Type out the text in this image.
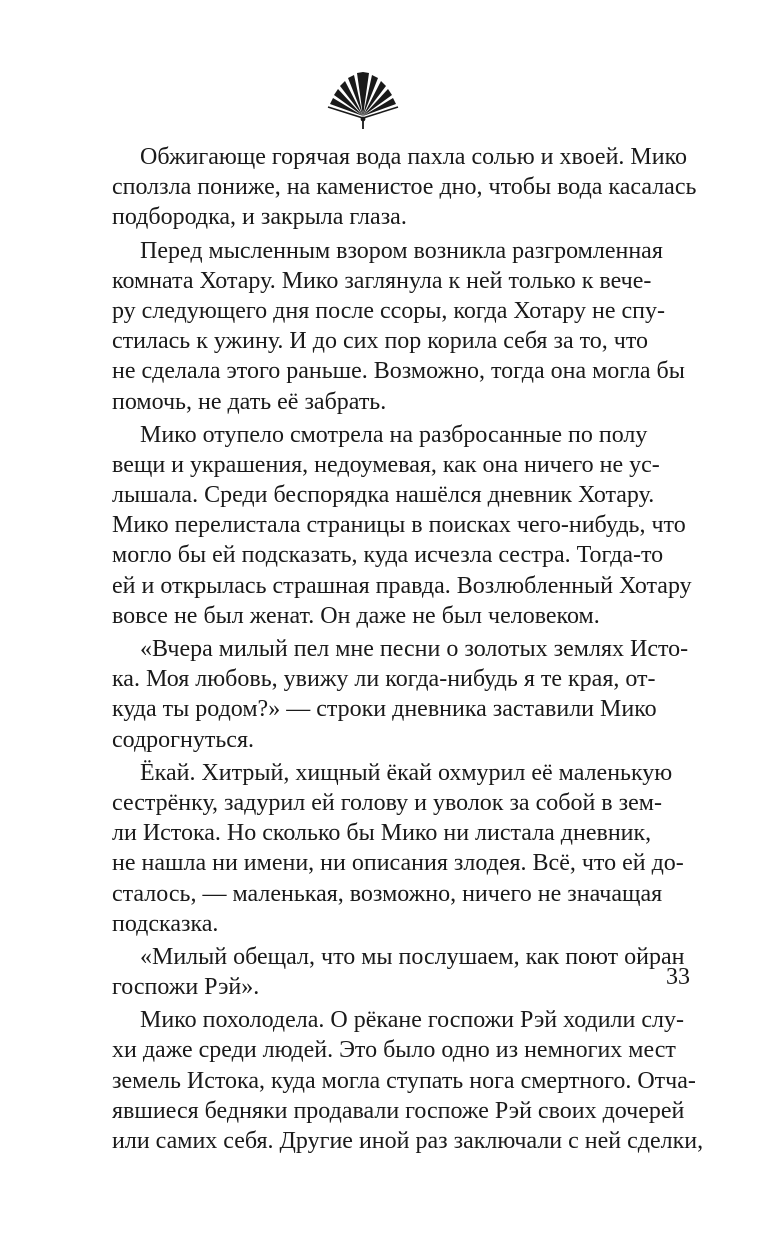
Обжигающе горячая вода пахла солью и хвоей. Мико
сползла пониже, на каменистое дно, чтобы вода касалась
подбородка, и закрыла глаза.
Перед мысленным взором возникла разгромленная
комната Хотару. Мико заглянула к ней только к вече-
ру следующего дня после ссоры, когда Хотару не спу-
стилась к ужину. И до сих пор корила себя за то, что
не сделала этого раньше. Возможно, тогда она могла бы
помочь, не дать её забрать.
Мико отупело смотрела на разбросанные по полу
вещи и украшения, недоумевая, как она ничего не ус-
лышала. Среди беспорядка нашёлся дневник Хотару.
Мико перелистала страницы в поисках чего-нибудь, что
могло бы ей подсказать, куда исчезла сестра. Тогда-то
ей и открылась страшная правда. Возлюбленный Хотару
вовсе не был женат. Он даже не был человеком.
«Вчера милый пел мне песни о золотых землях Исто-
ка. Моя любовь, увижу ли когда-нибудь я те края, от-
куда ты родом?» — строки дневника заставили Мико
содрогнуться.
Ёкай. Хитрый, хищный ёкай охмурил её маленькую
сестрёнку, задурил ей голову и уволок за собой в зем-
ли Истока. Но сколько бы Мико ни листала дневник,
не нашла ни имени, ни описания злодея. Всё, что ей до-
сталось, — маленькая, возможно, ничего не значащая
подсказка.
«Милый обещал, что мы послушаем, как поют ойран
госпожи Рэй».
Мико похолодела. О рёкане госпожи Рэй ходили слу-
хи даже среди людей. Это было одно из немногих мест
земель Истока, куда могла ступать нога смертного. Отча-
явшиеся бедняки продавали госпоже Рэй своих дочерей
или самих себя. Другие иной раз заключали с ней сделки,
33
